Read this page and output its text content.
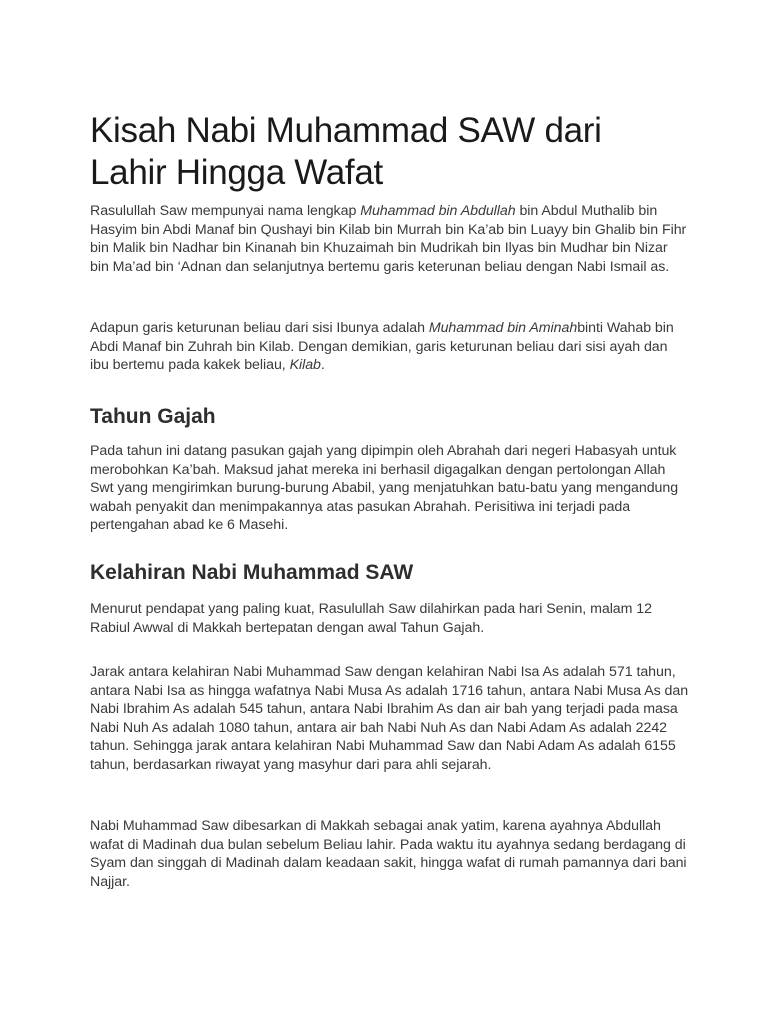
Kisah Nabi Muhammad SAW dari
Lahir Hingga Wafat

Rasulullah Saw mempunyai nama lengkap Muhammad bin Abdullah bin Abdul Muthalib bin Hasyim bin Abdi Manaf bin Qushayi bin Kilab bin Murrah bin Ka’ab bin Luayy bin Ghalib bin Fihr bin Malik bin Nadhar bin Kinanah bin Khuzaimah bin Mudrikah bin Ilyas bin Mudhar bin Nizar bin Ma’ad bin ‘Adnan dan selanjutnya bertemu garis keterunan beliau dengan Nabi Ismail as.

Adapun garis keturunan beliau dari sisi Ibunya adalah Muhammad bin Aminahbinti Wahab bin Abdi Manaf bin Zuhrah bin Kilab. Dengan demikian, garis keturunan beliau dari sisi ayah dan ibu bertemu pada kakek beliau, Kilab.

Tahun Gajah

Pada tahun ini datang pasukan gajah yang dipimpin oleh Abrahah dari negeri Habasyah untuk merobohkan Ka’bah. Maksud jahat mereka ini berhasil digagalkan dengan pertolongan Allah Swt yang mengirimkan burung-burung Ababil, yang menjatuhkan batu-batu yang mengandung wabah penyakit dan menimpakannya atas pasukan Abrahah. Perisitiwa ini terjadi pada pertengahan abad ke 6 Masehi.

Kelahiran Nabi Muhammad SAW

Menurut pendapat yang paling kuat, Rasulullah Saw dilahirkan pada hari Senin, malam 12 Rabiul Awwal di Makkah bertepatan dengan awal Tahun Gajah.

Jarak antara kelahiran Nabi Muhammad Saw dengan kelahiran Nabi Isa As adalah 571 tahun, antara Nabi Isa as hingga wafatnya Nabi Musa As adalah 1716 tahun, antara Nabi Musa As dan Nabi Ibrahim As adalah 545 tahun, antara Nabi Ibrahim As dan air bah yang terjadi pada masa Nabi Nuh As adalah 1080 tahun, antara air bah Nabi Nuh As dan Nabi Adam As adalah 2242 tahun. Sehingga jarak antara kelahiran Nabi Muhammad Saw dan Nabi Adam As adalah 6155 tahun, berdasarkan riwayat yang masyhur dari para ahli sejarah.

Nabi Muhammad Saw dibesarkan di Makkah sebagai anak yatim, karena ayahnya Abdullah wafat di Madinah dua bulan sebelum Beliau lahir. Pada waktu itu ayahnya sedang berdagang di Syam dan singgah di Madinah dalam keadaan sakit, hingga wafat di rumah pamannya dari bani Najjar.
